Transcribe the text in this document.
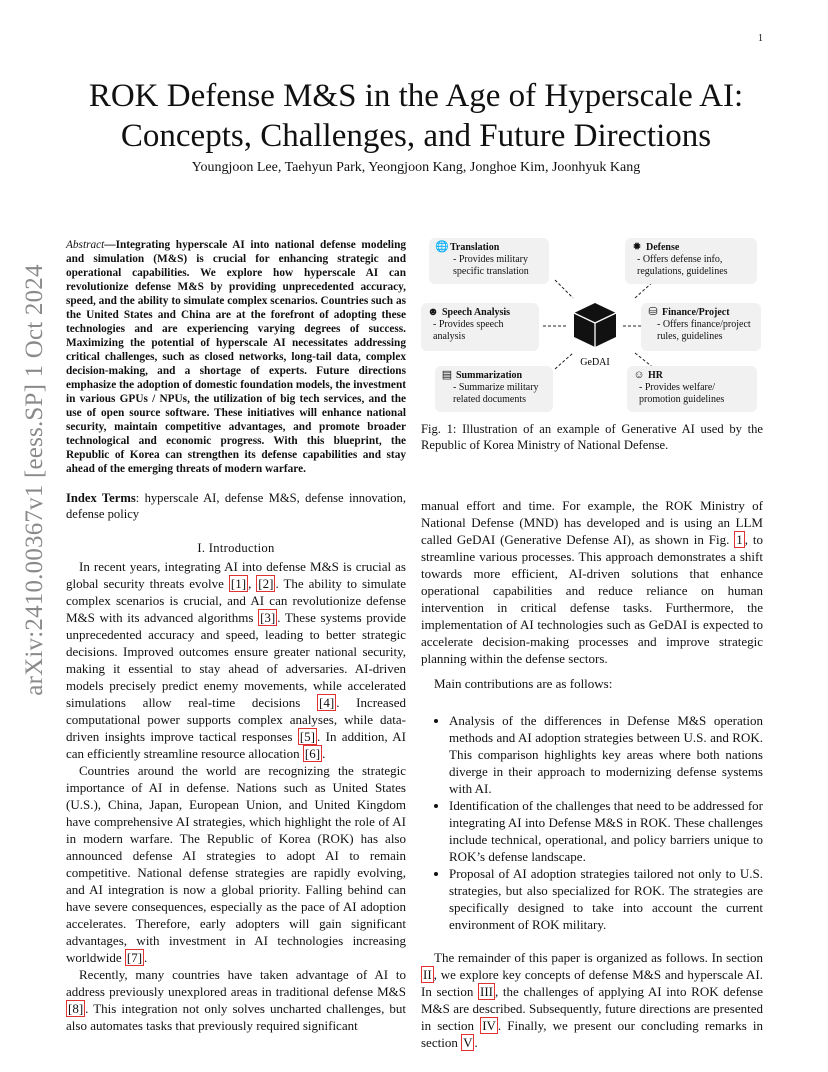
1
arXiv:2410.00367v1 [eess.SP] 1 Oct 2024
ROK Defense M&S in the Age of Hyperscale AI:
Concepts, Challenges, and Future Directions
Youngjoon Lee, Taehyun Park, Yeongjoon Kang, Jonghoe Kim, Joonhyuk Kang
Abstract—Integrating hyperscale AI into national defense modeling and simulation (M&S) is crucial for enhancing strategic and operational capabilities. We explore how hyperscale AI can revolutionize defense M&S by providing unprecedented accuracy, speed, and the ability to simulate complex scenarios. Countries such as the United States and China are at the forefront of adopting these technologies and are experiencing varying degrees of success. Maximizing the potential of hyperscale AI necessitates addressing critical challenges, such as closed networks, long-tail data, complex decision-making, and a shortage of experts. Future directions emphasize the adoption of domestic foundation models, the investment in various GPUs / NPUs, the utilization of big tech services, and the use of open source software. These initiatives will enhance national security, maintain competitive advantages, and promote broader technological and economic progress. With this blueprint, the Republic of Korea can strengthen its defense capabilities and stay ahead of the emerging threats of modern warfare.
Index Terms: hyperscale AI, defense M&S, defense innovation, defense policy
I. Introduction

In recent years, integrating AI into defense M&S is crucial as global security threats evolve [1] , [2] . The ability to simulate complex scenarios is crucial, and AI can revolutionize defense M&S with its advanced algorithms [3] . These systems provide unprecedented accuracy and speed, leading to better strategic decisions. Improved outcomes ensure greater national security, making it essential to stay ahead of adversaries. AI-driven models precisely predict enemy movements, while accelerated simulations allow real-time decisions [4] . Increased computational power supports complex analyses, while data-driven insights improve tactical responses [5] . In addition, AI can efficiently streamline resource allocation [6] .

Countries around the world are recognizing the strategic importance of AI in defense. Nations such as United States (U.S.), China, Japan, European Union, and United Kingdom have comprehensive AI strategies, which highlight the role of AI in modern warfare. The Republic of Korea (ROK) has also announced defense AI strategies to adopt AI to remain competitive. National defense strategies are rapidly evolving, and AI integration is now a global priority. Falling behind can have severe consequences, especially as the pace of AI adoption accelerates. Therefore, early adopters will gain significant advantages, with investment in AI technologies increasing worldwide [7] .

Recently, many countries have taken advantage of AI to address previously unexplored areas in traditional defense M&S [8] . This integration not only solves uncharted challenges, but also automates tasks that previously required significant

GeDAI
🌐Translation
- Provides military specific translation
✹ Defense
- Offers defense info, regulations, guidelines
☻ Speech Analysis
- Provides speech analysis
⛁ Finance/Project
- Offers finance/project rules, guidelines
▤ Summarization
- Summarize military related documents
☺ HR
- Provides welfare/ promotion guidelines
Fig. 1: Illustration of an example of Generative AI used by the Republic of Korea Ministry of National Defense.

manual effort and time. For example, the ROK Ministry of National Defense (MND) has developed and is using an LLM called GeDAI (Generative Defense AI), as shown in Fig. 1 , to streamline various processes. This approach demonstrates a shift towards more efficient, AI-driven solutions that enhance operational capabilities and reduce reliance on human intervention in critical defense tasks. Furthermore, the implementation of AI technologies such as GeDAI is expected to accelerate decision-making processes and improve strategic planning within the defense sectors.

Main contributions are as follows:

• Analysis of the differences in Defense M&S operation methods and AI adoption strategies between U.S. and ROK. This comparison highlights key areas where both nations diverge in their approach to modernizing defense systems with AI.
• Identification of the challenges that need to be addressed for integrating AI into Defense M&S in ROK. These challenges include technical, operational, and policy barriers unique to ROK’s defense landscape.
• Proposal of AI adoption strategies tailored not only to U.S. strategies, but also specialized for ROK. The strategies are specifically designed to take into account the current environment of ROK military.

The remainder of this paper is organized as follows. In section II , we explore key concepts of defense M&S and hyperscale AI. In section III , the challenges of applying AI into ROK defense M&S are described. Subsequently, future directions are presented in section IV . Finally, we present our concluding remarks in section V .
